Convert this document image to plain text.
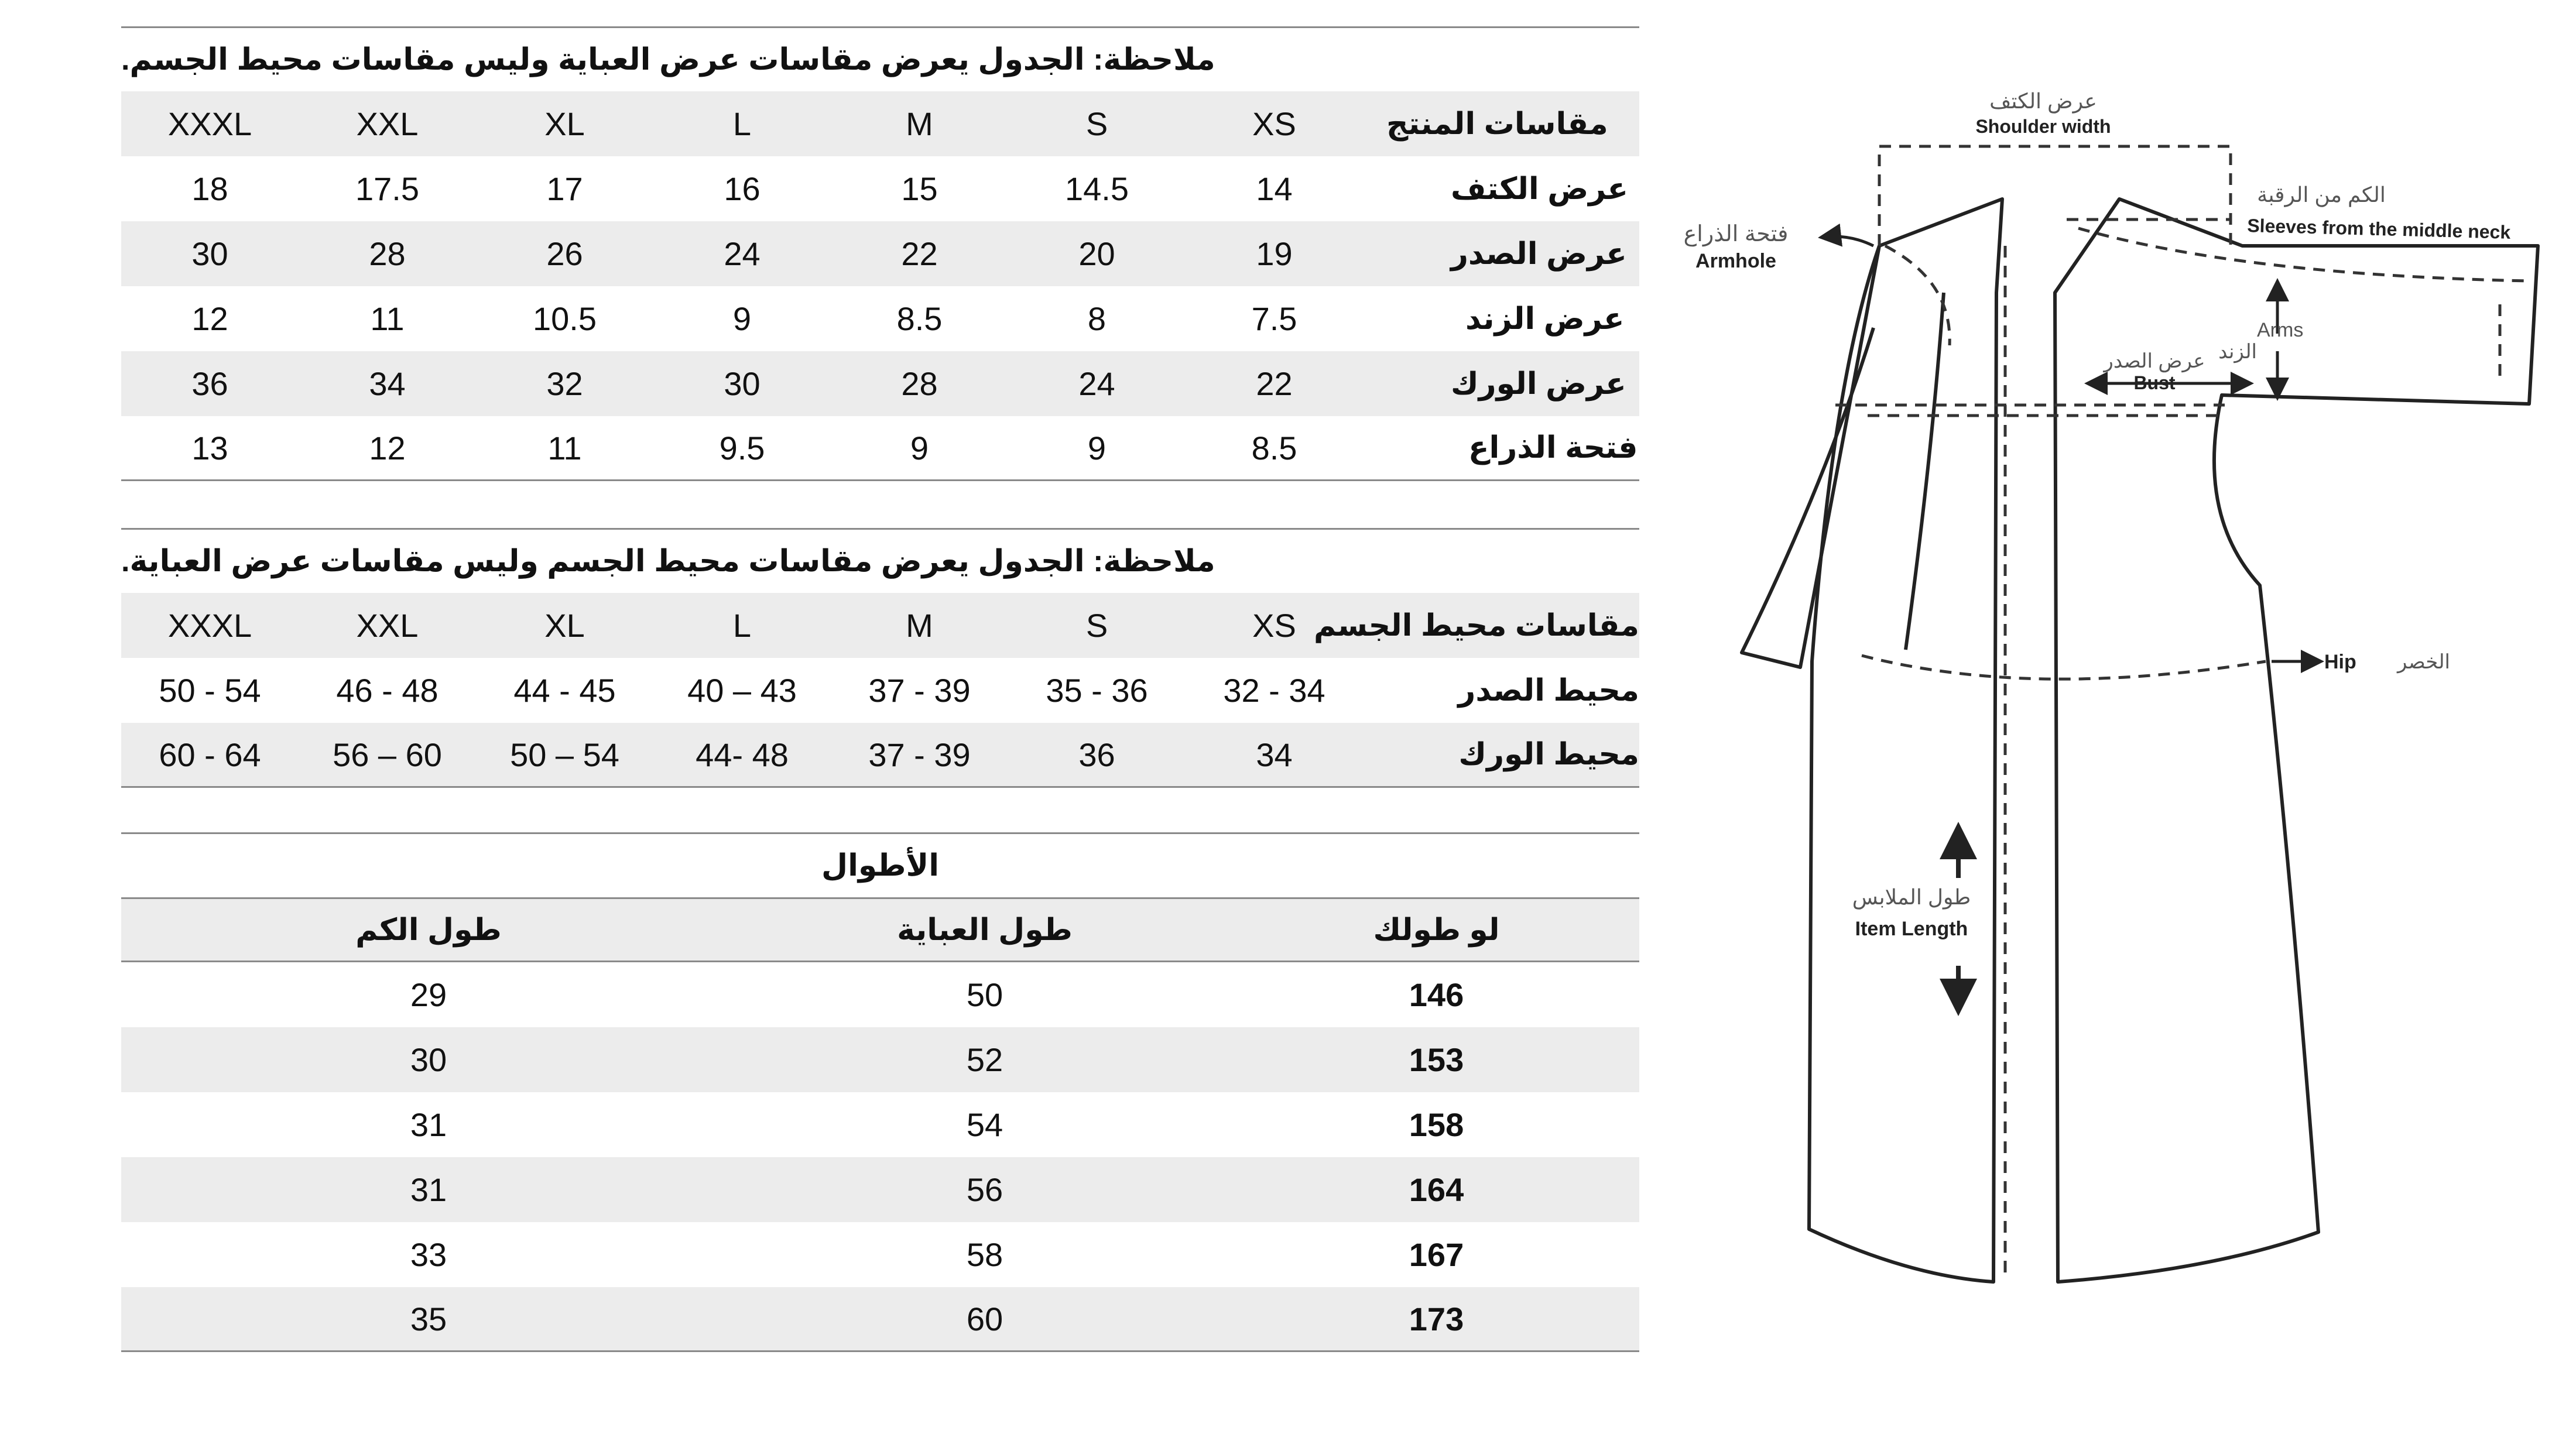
ملاحظة: الجدول يعرض مقاسات عرض العباية وليس مقاسات محيط الجسم.
XXXL	XXL	XL	L	M	S	XS	مقاسات المنتج
18	17.5	17	16	15	14.5	14	عرض الكتف
30	28	26	24	22	20	19	عرض الصدر
12	11	10.5	9	8.5	8	7.5	عرض الزند
36	34	32	30	28	24	22	عرض الورك
13	12	11	9.5	9	9	8.5	فتحة الذراع
ملاحظة: الجدول يعرض مقاسات محيط الجسم وليس مقاسات عرض العباية.
XXXL	XXL	XL	L	M	S	XS مقاسات محيط الجسم
50 - 54	46 - 48	44 - 45	40 – 43	37 - 39	35 - 36	32 - 34	محيط الصدر
60 - 64	56 – 60	50 – 54	44- 48	37 - 39	36	34	محيط الورك
الأطوال
طول الكم	طول العباية	لو طولك
29	50	146
30	52	153
31	54	158
31	56	164
33	58	167
35	60	173
عرض الكتف
Shoulder width
الكم من الرقبة
Sleeves from the middle neck
فتحة الذراع
Armhole
Arms
الزند
عرض الصدر
Bust
Hip الخصر
طول الملابس
Item Length
